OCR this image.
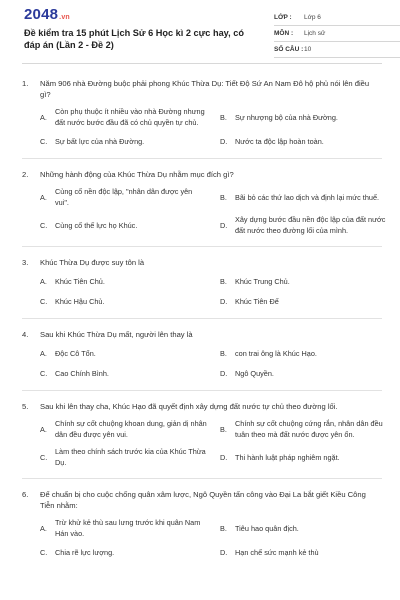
2048.vn
Đề kiểm tra 15 phút Lịch Sử 6 Học kì 2 cực hay, có đáp án (Lần 2 - Đề 2)
LỚP :	Lớp 6
MÔN :	Lịch sử
SỐ CÂU : 10
1.	Năm 906 nhà Đường buộc phải phong Khúc Thừa Dụ: Tiết Độ Sứ An Nam Đô hộ phủ nói lên điều gì?
A.
Còn phụ thuộc ít nhiều vào nhà Đường nhưng đất nước bước đầu đã có chủ quyền tự chủ.
B.	Sự nhượng bộ của nhà Đường.
C.	Sự bất lực của nhà Đường.	D.	Nước ta độc lập hoàn toàn.
2.	Những hành động của Khúc Thừa Dụ nhằm mục đích gì?
A.
Củng cố nền độc lập, "nhân dân được yên vui".
B.	Bãi bỏ các thứ lao dịch và định lại mức thuế.
C.	Củng cố thế lực họ Khúc.	D.
Xây dựng bước đầu nền độc lập của đất nước đất nước theo đường lối của mình.
3.	Khúc Thừa Dụ được suy tôn là
A.	Khúc Tiên Chủ.	B.	Khúc Trung Chủ.
C.	Khúc Hậu Chủ.	D.	Khúc Tiên Đế
4.	Sau khi Khúc Thừa Dụ mất, người lên thay là
A.	Độc Cô Tổn.	B.	con trai ông là Khúc Hạo.
C.	Cao Chính Bình.	D.	Ngô Quyền.
5.	Sau khi lên thay cha, Khúc Hạo đã quyết định xây dựng đất nước tự chủ theo đường lối.
A.
Chính sự cốt chuộng khoan dung, giản dị nhân dân đều được yên vui.
B.
Chính sự cốt chuộng cứng rắn, nhân dân đều tuân theo mà đất nước được yên ổn.
C.
Làm theo chính sách trước kia của Khúc Thừa Dụ.
D.	Thi hành luật pháp nghiêm ngặt.
6.	Để chuẩn bị cho cuộc chống quân xâm lược, Ngô Quyền tấn công vào Đại La bắt giết Kiều Công Tiễn nhằm:
A.
Trừ khử kẻ thù sau lưng trước khi quân Nam Hán vào.
B.	Tiêu hao quân địch.
C.	Chia rẽ lực lượng.	D.	Hạn chế sức mạnh kẻ thù
